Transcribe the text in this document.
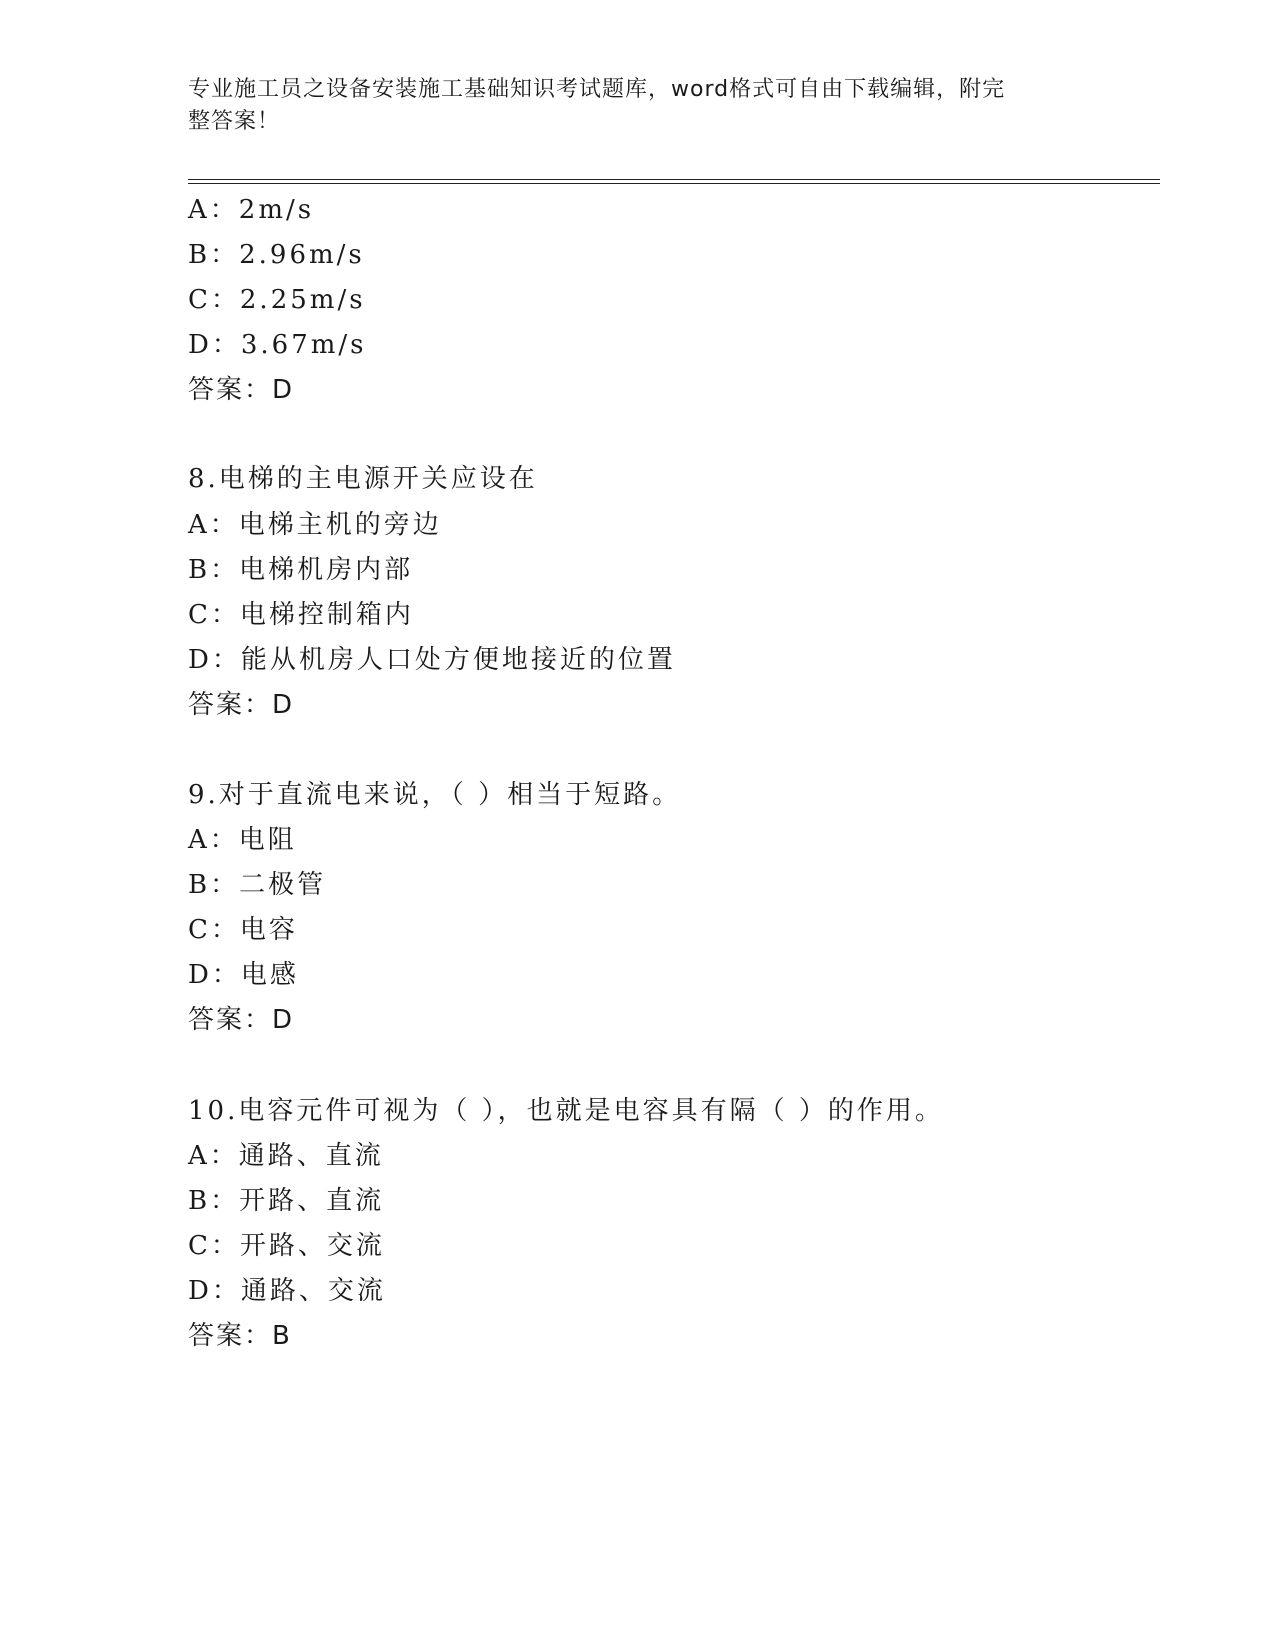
专业施工员之设备安装施工基础知识考试题库，word格式可自由下载编辑，附完
整答案！
A：2m/s
B：2.96m/s
C：2.25m/s
D：3.67m/s
答案：D
8.电梯的主电源开关应设在
A：电梯主机的旁边
B：电梯机房内部
C：电梯控制箱内
D：能从机房人口处方便地接近的位置
答案：D
9.对于直流电来说，（ ）相当于短路。
A：电阻
B：二极管
C：电容
D：电感
答案：D
10.电容元件可视为（ ），也就是电容具有隔（ ）的作用。
A：通路、直流
B：开路、直流
C：开路、交流
D：通路、交流
答案：B
